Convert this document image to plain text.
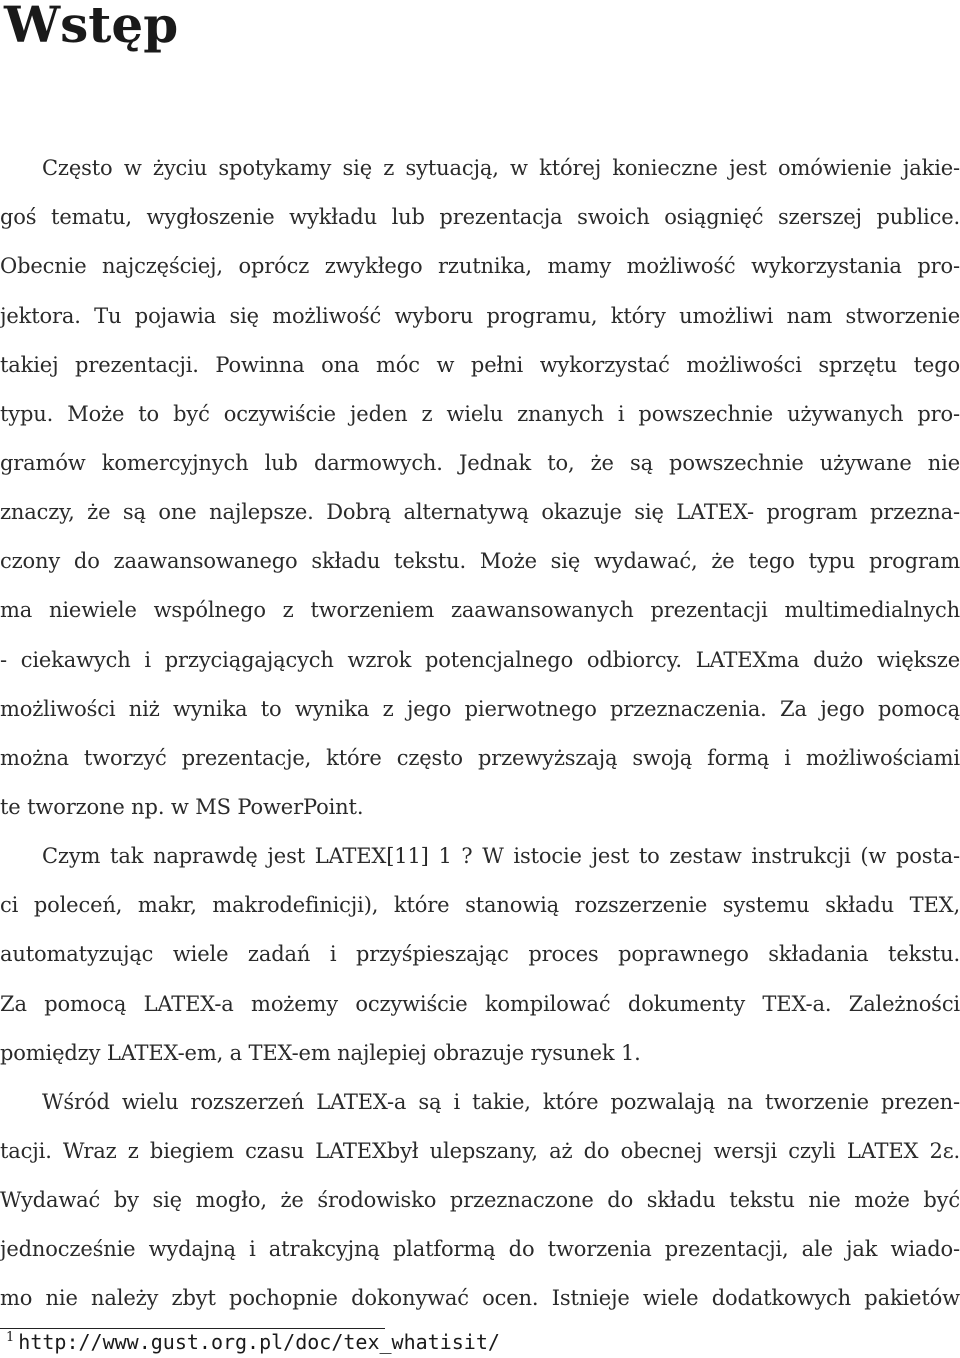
Wstęp
Często w życiu spotykamy się z sytuacją, w której konieczne jest omówienie jakie-
goś tematu, wygłoszenie wykładu lub prezentacja swoich osiągnięć szerszej publice.
Obecnie najczęściej, oprócz zwykłego rzutnika, mamy możliwość wykorzystania pro-
jektora. Tu pojawia się możliwość wyboru programu, który umożliwi nam stworzenie
takiej prezentacji. Powinna ona móc w pełni wykorzystać możliwości sprzętu tego
typu. Może to być oczywiście jeden z wielu znanych i powszechnie używanych pro-
gramów komercyjnych lub darmowych. Jednak to, że są powszechnie używane nie
znaczy, że są one najlepsze. Dobrą alternatywą okazuje się LATEX- program przezna-
czony do zaawansowanego składu tekstu. Może się wydawać, że tego typu program
ma niewiele wspólnego z tworzeniem zaawansowanych prezentacji multimedialnych
- ciekawych i przyciągających wzrok potencjalnego odbiorcy. LATEXma dużo większe
możliwości niż wynika to wynika z jego pierwotnego przeznaczenia. Za jego pomocą
można tworzyć prezentacje, które często przewyższają swoją formą i możliwościami
te tworzone np. w MS PowerPoint.
Czym tak naprawdę jest LATEX[11] 1 ? W istocie jest to zestaw instrukcji (w posta-
ci poleceń, makr, makrodefinicji), które stanowią rozszerzenie systemu składu TEX,
automatyzując wiele zadań i przyśpieszając proces poprawnego składania tekstu.
Za pomocą LATEX-a możemy oczywiście kompilować dokumenty TEX-a. Zależności
pomiędzy LATEX-em, a TEX-em najlepiej obrazuje rysunek 1.
Wśród wielu rozszerzeń LATEX-a są i takie, które pozwalają na tworzenie prezen-
tacji. Wraz z biegiem czasu LATEXbył ulepszany, aż do obecnej wersji czyli LATEX 2ε.
Wydawać by się mogło, że środowisko przeznaczone do składu tekstu nie może być
jednocześnie wydajną i atrakcyjną platformą do tworzenia prezentacji, ale jak wiado-
mo nie należy zbyt pochopnie dokonywać ocen. Istnieje wiele dodatkowych pakietów
$^1$ http://www.gust.org.pl/doc/tex_whatisit/
